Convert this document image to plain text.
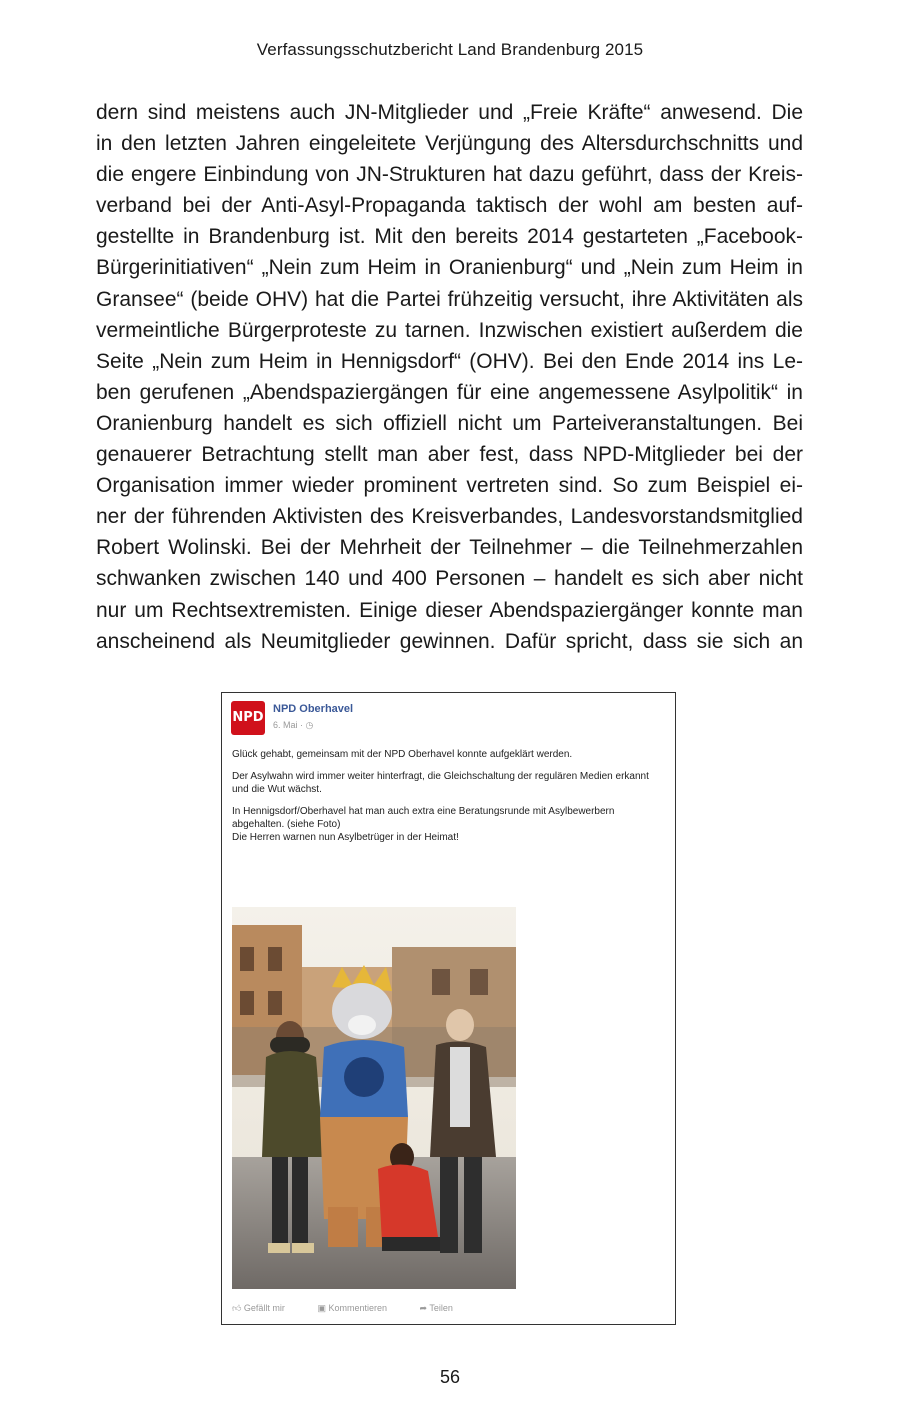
Verfassungsschutzbericht Land Brandenburg 2015
dern sind meistens auch JN-Mitglieder und „Freie Kräfte“ anwesend. Die
in den letzten Jahren eingeleitete Verjüngung des Altersdurchschnitts und
die engere Einbindung von JN-Strukturen hat dazu geführt, dass der Kreis-
verband bei der Anti-Asyl-Propaganda taktisch der wohl am besten auf-
gestellte in Brandenburg ist. Mit den bereits 2014 gestarteten „Facebook-
Bürgerinitiativen“ „Nein zum Heim in Oranienburg“ und „Nein zum Heim in
Gransee“ (beide OHV) hat die Partei frühzeitig versucht, ihre Aktivitäten als
vermeintliche Bürgerproteste zu tarnen. Inzwischen existiert außerdem die
Seite „Nein zum Heim in Hennigsdorf“ (OHV). Bei den Ende 2014 ins Le-
ben gerufenen „Abendspaziergängen für eine angemessene Asylpolitik“ in
Oranienburg handelt es sich offiziell nicht um Parteiveranstaltungen. Bei
genauerer Betrachtung stellt man aber fest, dass NPD-Mitglieder bei der
Organisation immer wieder prominent vertreten sind. So zum Beispiel ei-
ner der führenden Aktivisten des Kreisverbandes, Landesvorstandsmitglied
Robert Wolinski. Bei der Mehrheit der Teilnehmer – die Teilnehmerzahlen
schwanken zwischen 140 und 400 Personen – handelt es sich aber nicht
nur um Rechtsextremisten. Einige dieser Abendspaziergänger konnte man
anscheinend als Neumitglieder gewinnen. Dafür spricht, dass sie sich an
NPD
NPD Oberhavel
6. Mai · ◷

Glück gehabt, gemeinsam mit der NPD Oberhavel konnte aufgeklärt werden.

Der Asylwahn wird immer weiter hinterfragt, die Gleichschaltung der regulären Medien erkannt und die Wut wächst.

In Hennigsdorf/Oberhavel hat man auch extra eine Beratungsrunde mit Asylbewerbern abgehalten. (siehe Foto)
Die Herren warnen nun Asylbetrüger in der Heimat!

👍︎ Gefällt mir	▣ Kommentieren	➦ Teilen
56
